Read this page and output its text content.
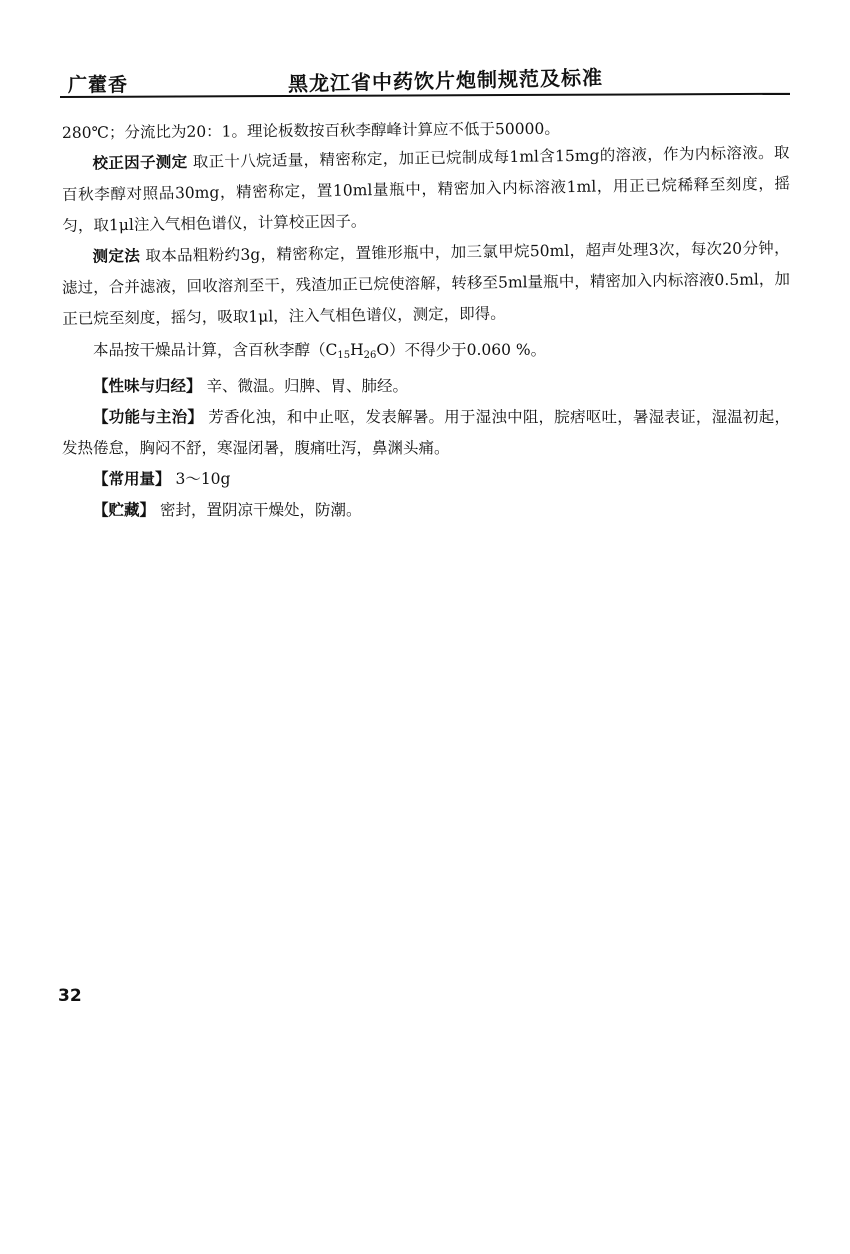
广藿香	黑龙江省中药饮片炮制规范及标准

280℃；分流比为20：1。理论板数按百秋李醇峰计算应不低于50000。

校正因子测定 取正十八烷适量，精密称定，加正已烷制成每1ml含15mg的溶液，作为内标溶液。取百秋李醇对照品30mg，精密称定，置10ml量瓶中，精密加入内标溶液1ml，用正已烷稀释至刻度，摇匀，取1μl注入气相色谱仪，计算校正因子。

测定法 取本品粗粉约3g，精密称定，置锥形瓶中，加三氯甲烷50ml，超声处理3次，每次20分钟，滤过，合并滤液，回收溶剂至干，残渣加正已烷使溶解，转移至5ml量瓶中，精密加入内标溶液0.5ml，加正已烷至刻度，摇匀，吸取1μl，注入气相色谱仪，测定，即得。

本品按干燥品计算，含百秋李醇$(C_{15}H_{26}O)$不得少于0.060 %。

【性味与归经】 辛、微温。归脾、胃、肺经。

【功能与主治】 芳香化浊，和中止呕，发表解暑。用于湿浊中阻，脘痞呕吐，暑湿表证，湿温初起，发热倦怠，胸闷不舒，寒湿闭暑，腹痛吐泻，鼻渊头痛。

【常用量】 3～10g

【贮藏】 密封，置阴凉干燥处，防潮。

32
